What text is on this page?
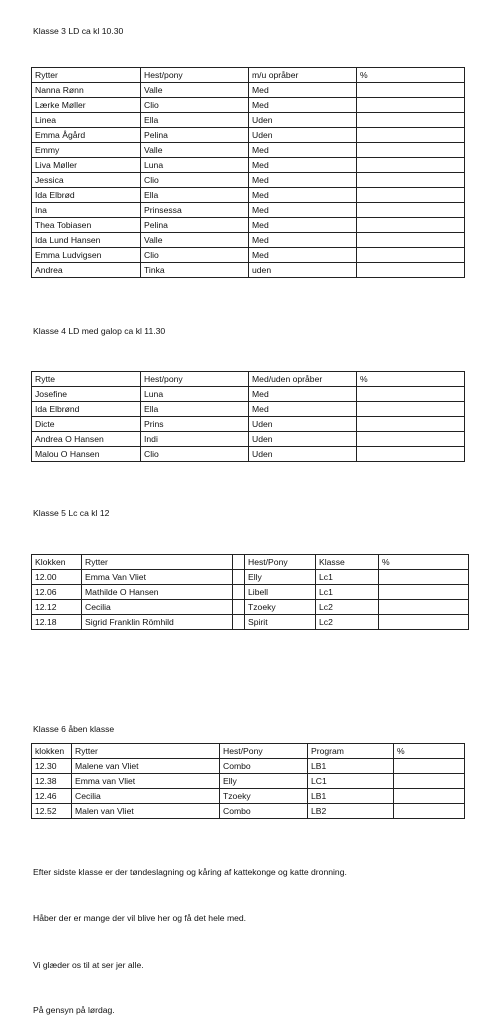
Klasse 3 LD ca kl 10.30
Rytter	Hest/pony	m/u opråber	%
Nanna Rønn	Valle	Med	
Lærke Møller	Clio	Med	
Linea	Ella	Uden	
Emma Ågård	Pelina	Uden	
Emmy	Valle	Med	
Liva Møller	Luna	Med	
Jessica	Clio	Med	
Ida Elbrød	Ella	Med	
Ina	Prinsessa	Med	
Thea Tobiasen	Pelina	Med	
Ida Lund Hansen	Valle	Med	
Emma Ludvigsen	Clio	Med	
Andrea	Tinka	uden	
Klasse 4 LD med galop ca kl 11.30
Rytte	Hest/pony	Med/uden opråber	%
Josefine	Luna	Med	
Ida Elbrønd	Ella	Med	
Dicte	Prins	Uden	
Andrea O Hansen	Indi	Uden	
Malou O Hansen	Clio	Uden	
Klasse 5 Lc ca kl 12
Klokken	Rytter		Hest/Pony	Klasse	%
12.00	Emma Van Vliet		Elly	Lc1	
12.06	Mathilde O Hansen		Libell	Lc1	
12.12	Cecilia		Tzoeky	Lc2	
12.18	Sigrid Franklin Römhild		Spirit	Lc2	
Klasse 6 åben klasse
klokken	Rytter	Hest/Pony	Program	%
12.30	Malene van Vliet	Combo	LB1	
12.38	Emma van Vliet	Elly	LC1	
12.46	Cecilia	Tzoeky	LB1	
12.52	Malen van Vliet	Combo	LB2	
Efter sidste klasse er der tøndeslagning og kåring af kattekonge og katte dronning.
Håber der er mange der vil blive her og få det hele med.
Vi glæder os til at ser jer alle.
På gensyn på lørdag.
